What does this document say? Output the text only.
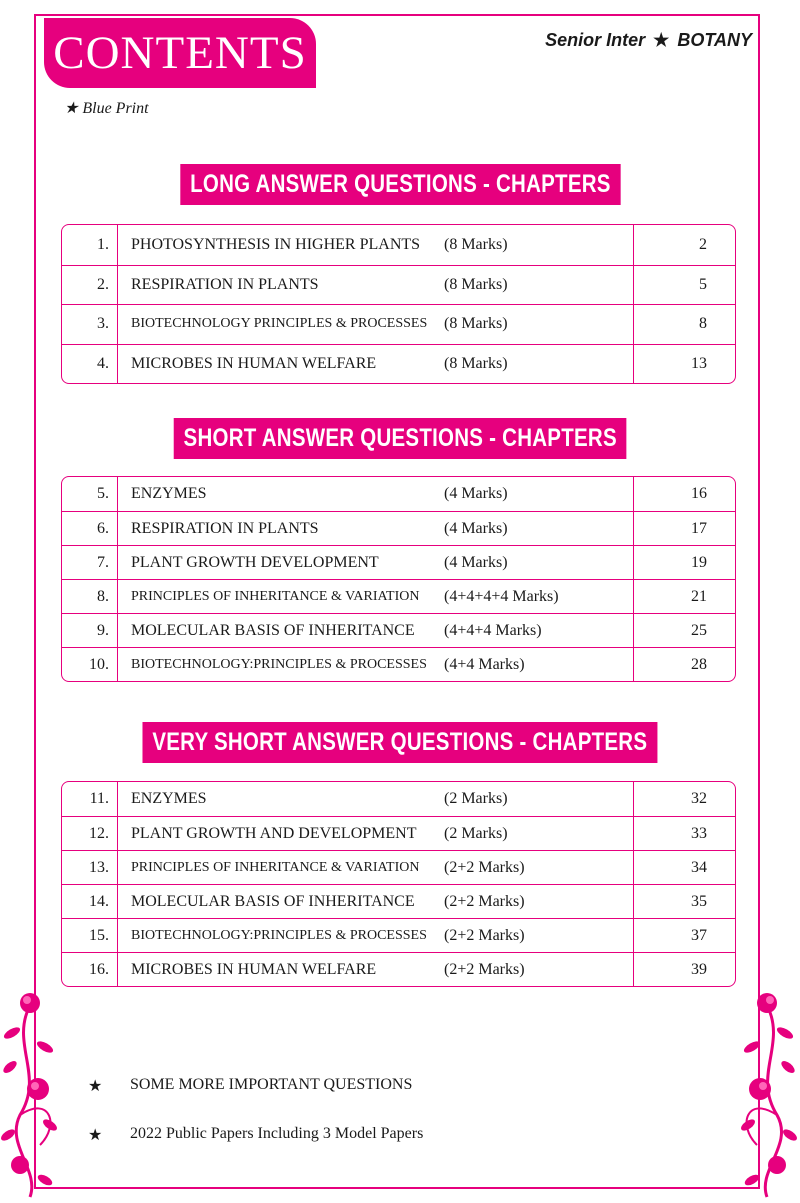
CONTENTS	Senior Inter ★ BOTANY
★ Blue Print
LONG ANSWER QUESTIONS - CHAPTERS
1.	PHOTOSYNTHESIS IN HIGHER PLANTS	(8 Marks)	2
2.	RESPIRATION IN PLANTS	(8 Marks)	5
3.	BIOTECHNOLOGY PRINCIPLES & PROCESSES	(8 Marks)	8
4.	MICROBES IN HUMAN WELFARE	(8 Marks)	13
SHORT ANSWER QUESTIONS - CHAPTERS
5.	ENZYMES	(4 Marks)	16
6.	RESPIRATION IN PLANTS	(4 Marks)	17
7.	PLANT GROWTH DEVELOPMENT	(4 Marks)	19
8.	PRINCIPLES OF INHERITANCE & VARIATION	(4+4+4+4 Marks)	21
9.	MOLECULAR BASIS OF INHERITANCE	(4+4+4 Marks)	25
10.	BIOTECHNOLOGY:PRINCIPLES & PROCESSES	(4+4 Marks)	28
VERY SHORT ANSWER QUESTIONS - CHAPTERS
11.	ENZYMES	(2 Marks)	32
12.	PLANT GROWTH AND DEVELOPMENT	(2 Marks)	33
13.	PRINCIPLES OF INHERITANCE & VARIATION	(2+2 Marks)	34
14.	MOLECULAR BASIS OF INHERITANCE	(2+2 Marks)	35
15.	BIOTECHNOLOGY:PRINCIPLES & PROCESSES	(2+2 Marks)	37
16.	MICROBES IN HUMAN WELFARE	(2+2 Marks)	39
★	SOME MORE IMPORTANT QUESTIONS
★	2022 Public Papers Including 3 Model Papers
